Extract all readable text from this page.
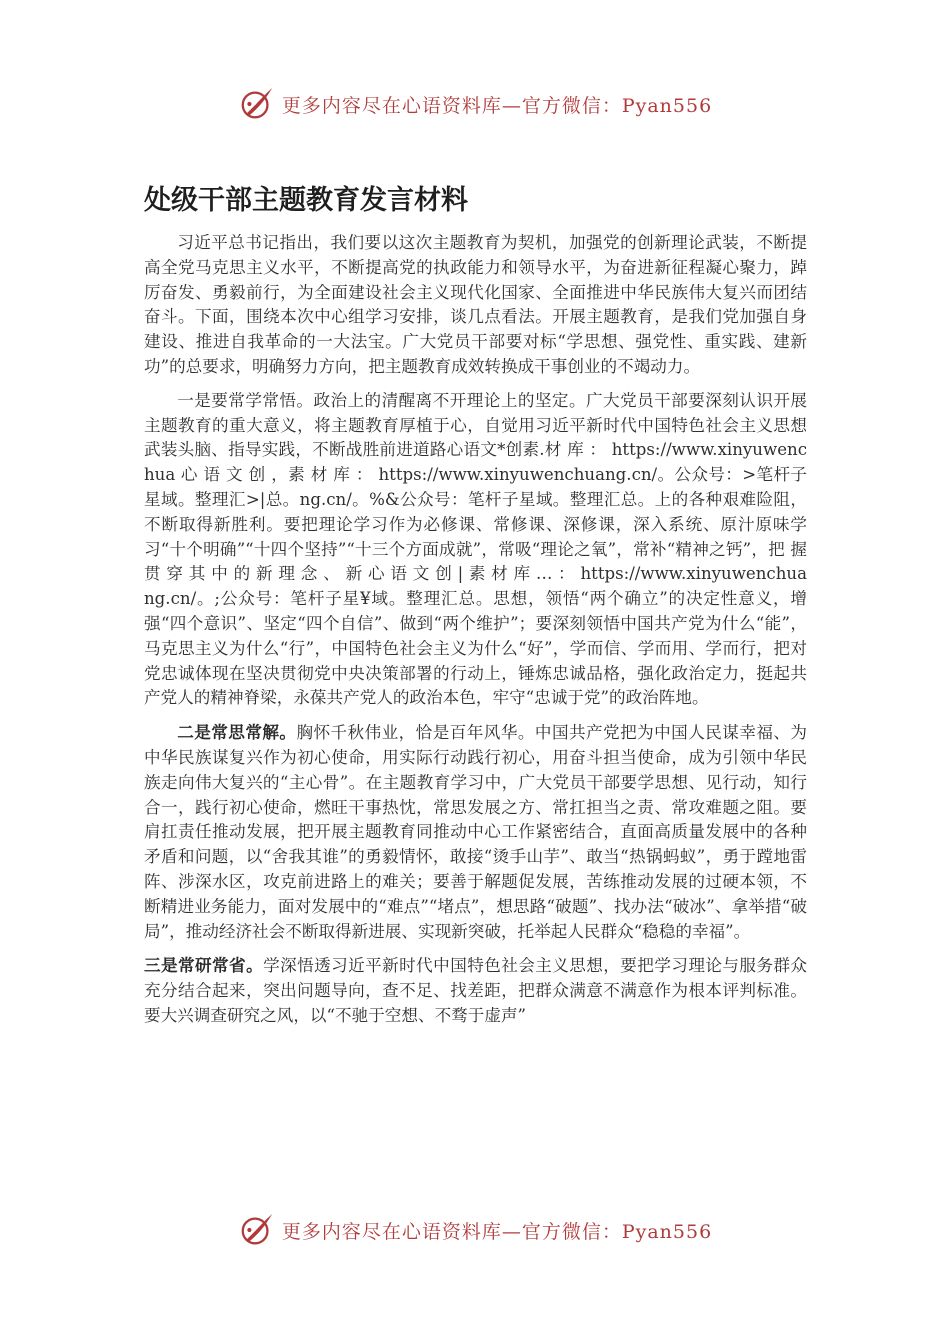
更多内容尽在心语资料库—官方微信：Pyan556
处级干部主题教育发言材料

习近平总书记指出，我们要以这次主题教育为契机，加强党的创新理论武装，不断提高全党马克思主义水平，不断提高党的执政能力和领导水平，为奋进新征程凝心聚力，踔厉奋发、勇毅前行，为全面建设社会主义现代化国家、全面推进中华民族伟大复兴而团结奋斗。下面，围绕本次中心组学习安排，谈几点看法。开展主题教育，是我们党加强自身建设、推进自我革命的一大法宝。广大党员干部要对标“学思想、强党性、重实践、建新功”的总要求，明确努力方向，把主题教育成效转换成干事创业的不竭动力。

一是要常学常悟。政治上的清醒离不开理论上的坚定。广大党员干部要深刻认识开展主题教育的重大意义，将主题教育厚植于心，自觉用习近平新时代中国特色社会主义思想武装头脑、指导实践，不断战胜前进道路心语文*创素.材 库 ： https://www.xinyuwenchua 心 语 文 创 ，素 材 库 ： https://www.xinyuwenchuang.cn/。公众号：>笔杆子星域。整理汇>|总。ng.cn/。%&公众号：笔杆子星域。整理汇总。上的各种艰难险阻，不断取得新胜利。要把理论学习作为必修课、常修课、深修课，深入系统、原汁原味学习“十个明确”“十四个坚持”“十三个方面成就”，常吸“理论之氧”，常补“精神之钙”，把 握 贯 穿 其 中 的 新 理 念 、 新 心 语 文 创 | 素 材 库 … ： https://www.xinyuwenchuang.cn/。;公众号：笔杆子星¥域。整理汇总。思想，领悟“两个确立”的决定性意义，增强“四个意识”、坚定“四个自信”、做到“两个维护”；要深刻领悟中国共产党为什么“能”，马克思主义为什么“行”，中国特色社会主义为什么“好”，学而信、学而用、学而行，把对党忠诚体现在坚决贯彻党中央决策部署的行动上，锤炼忠诚品格，强化政治定力，挺起共产党人的精神脊梁，永葆共产党人的政治本色，牢守“忠诚于党”的政治阵地。

二是常思常解。胸怀千秋伟业，恰是百年风华。中国共产党把为中国人民谋幸福、为中华民族谋复兴作为初心使命，用实际行动践行初心，用奋斗担当使命，成为引领中华民族走向伟大复兴的“主心骨”。在主题教育学习中，广大党员干部要学思想、见行动，知行合一，践行初心使命，燃旺干事热忱，常思发展之方、常扛担当之责、常攻难题之阻。要肩扛责任推动发展，把开展主题教育同推动中心工作紧密结合，直面高质量发展中的各种矛盾和问题，以“舍我其谁”的勇毅情怀，敢接“烫手山芋”、敢当“热锅蚂蚁”，勇于蹚地雷阵、涉深水区，攻克前进路上的难关；要善于解题促发展，苦练推动发展的过硬本领，不断精进业务能力，面对发展中的“难点”“堵点”，想思路“破题”、找办法“破冰”、拿举措“破局”，推动经济社会不断取得新进展、实现新突破，托举起人民群众“稳稳的幸福”。

三是常研常省。学深悟透习近平新时代中国特色社会主义思想，要把学习理论与服务群众充分结合起来，突出问题导向，查不足、找差距，把群众满意不满意作为根本评判标准。要大兴调查研究之风，以“不驰于空想、不骛于虚声”

更多内容尽在心语资料库—官方微信：Pyan556
